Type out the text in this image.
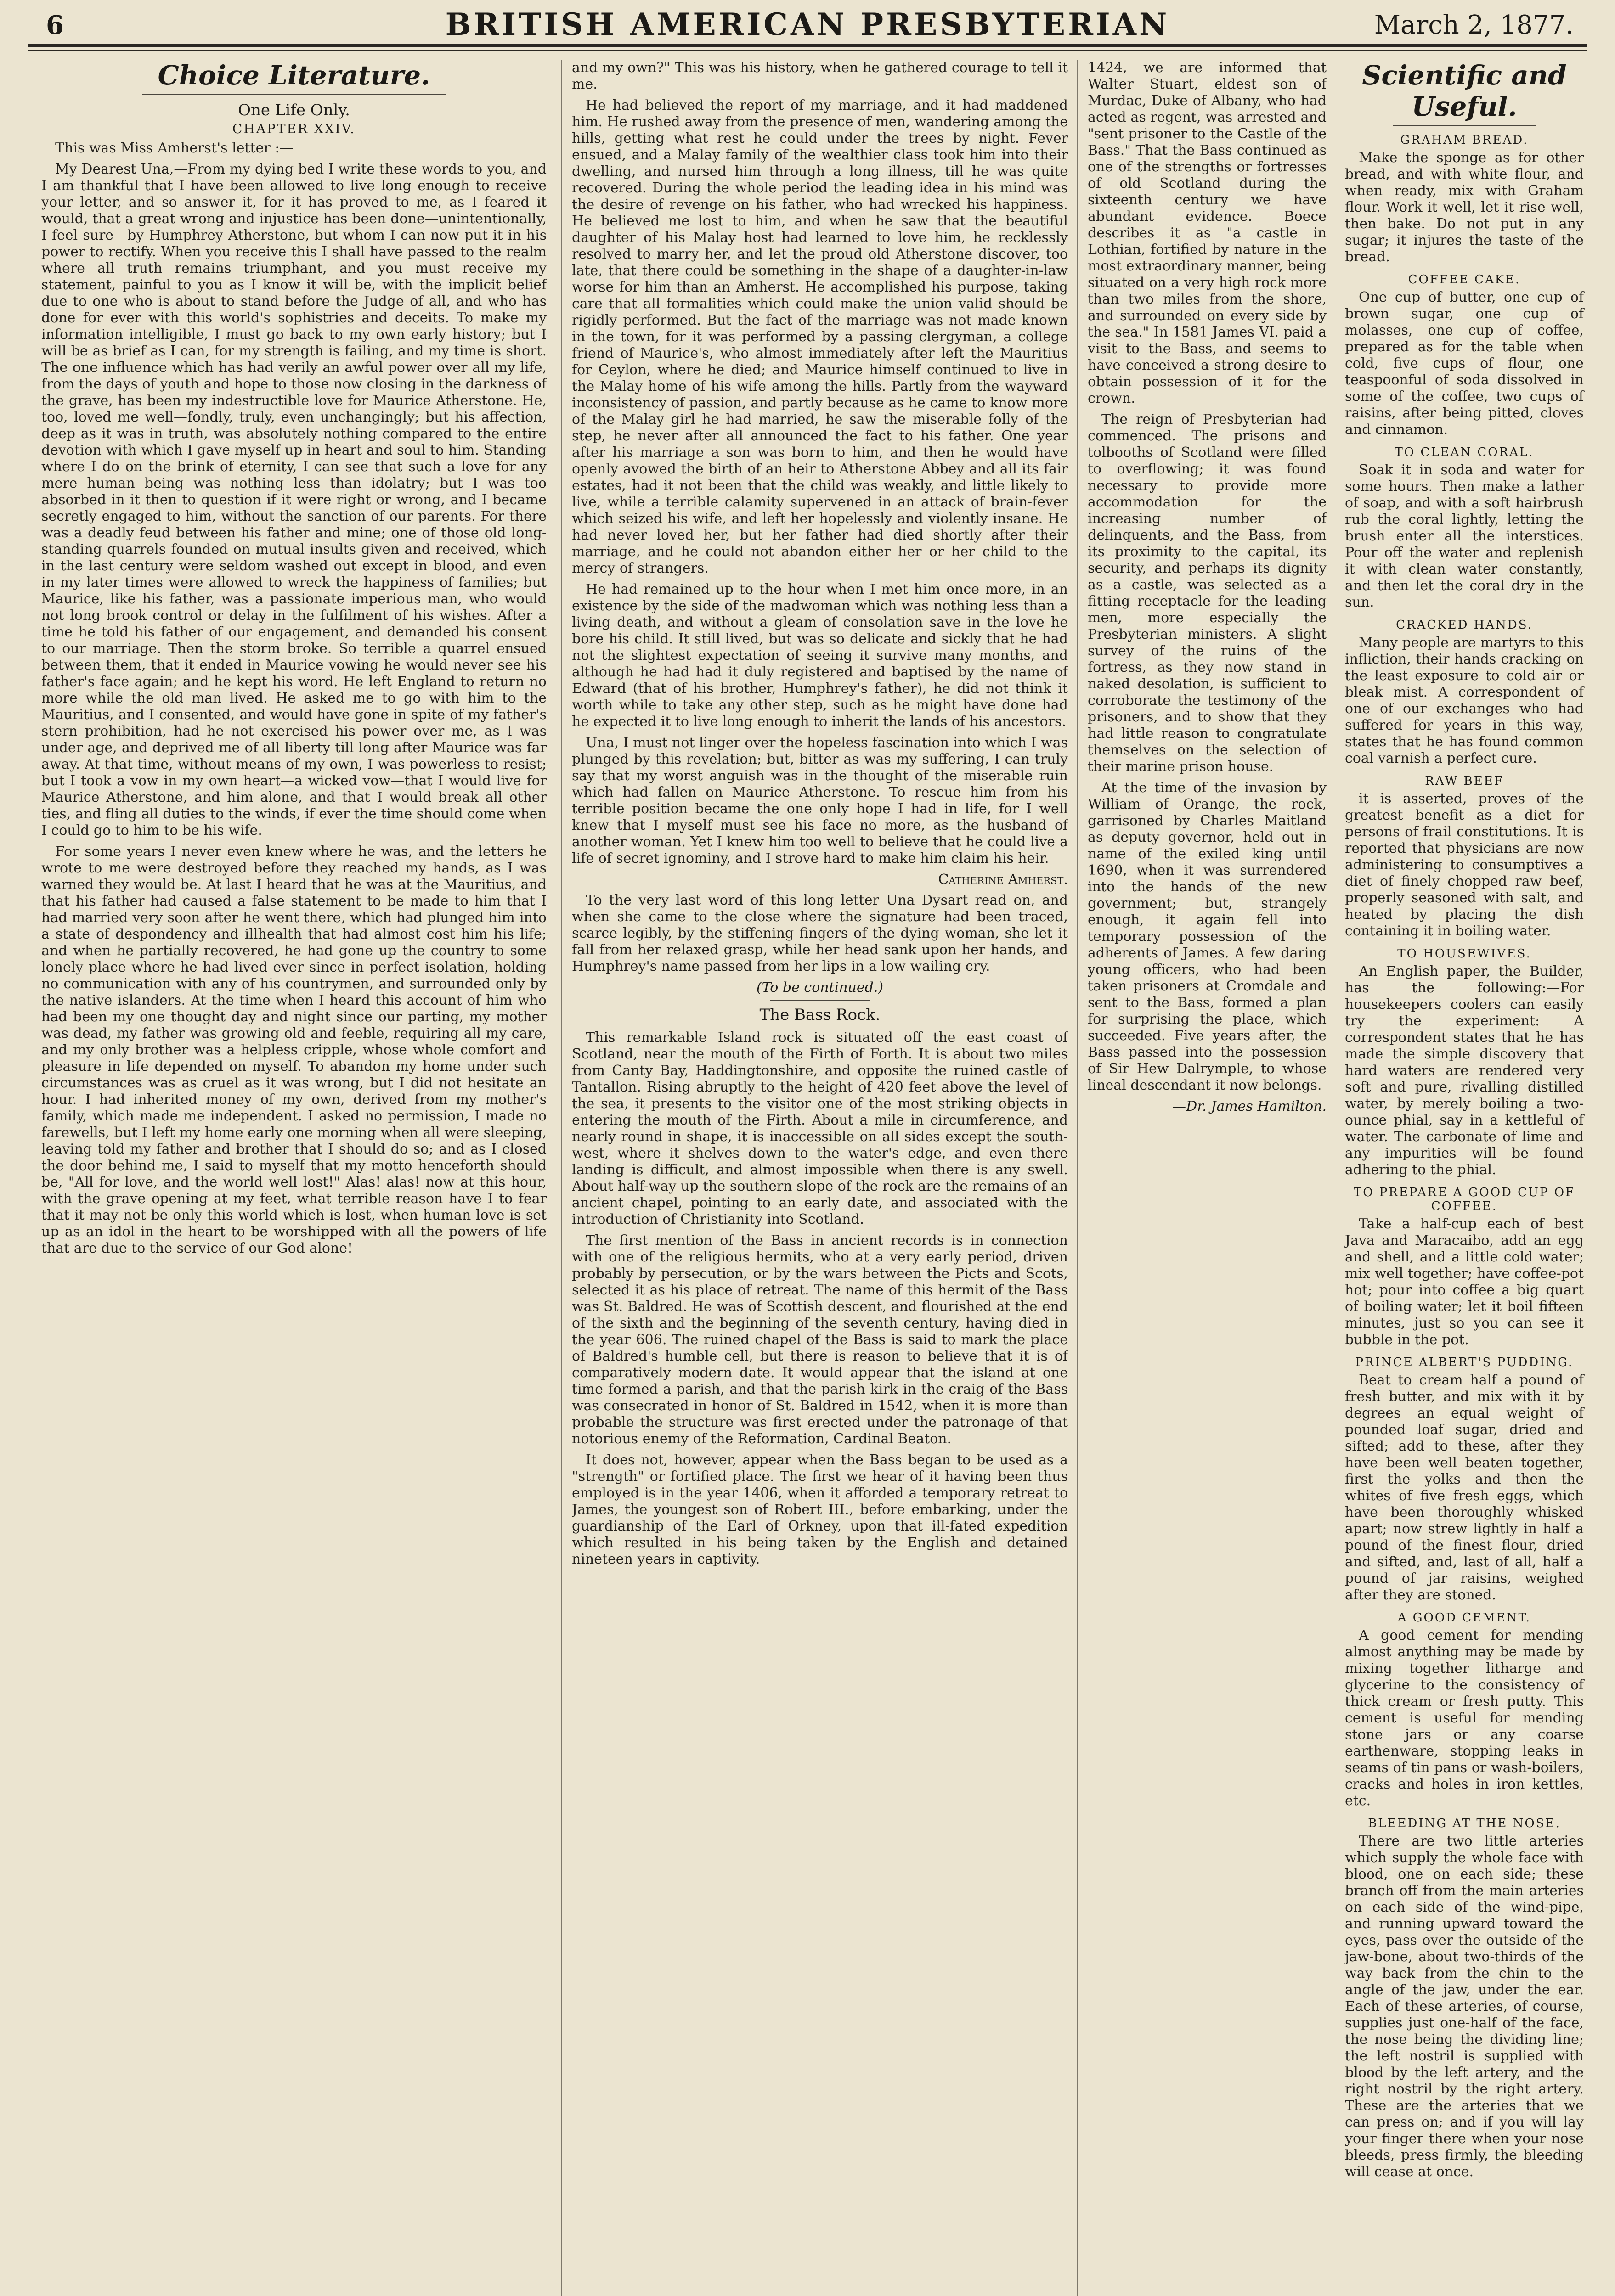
6	BRITISH AMERICAN PRESBYTERIAN	March 2, 1877.
Choice Literature.
One Life Only.
CHAPTER XXIV.

This was Miss Amherst's letter :—

My Dearest Una,—From my dying bed I write these words to you, and I am thankful that I have been allowed to live long enough to receive your letter, and so answer it, for it has proved to me, as I feared it would, that a great wrong and injustice has been done—unintentionally, I feel sure—by Humphrey Atherstone, but whom I can now put it in his power to rectify. When you receive this I shall have passed to the realm where all truth remains triumphant, and you must receive my statement, painful to you as I know it will be, with the implicit belief due to one who is about to stand before the Judge of all, and who has done for ever with this world's sophistries and deceits. To make my information intelligible, I must go back to my own early history; but I will be as brief as I can, for my strength is failing, and my time is short. The one influence which has had verily an awful power over all my life, from the days of youth and hope to those now closing in the darkness of the grave, has been my indestructible love for Maurice Atherstone. He, too, loved me well—fondly, truly, even unchangingly; but his affection, deep as it was in truth, was absolutely nothing compared to the entire devotion with which I gave myself up in heart and soul to him. Standing where I do on the brink of eternity, I can see that such a love for any mere human being was nothing less than idolatry; but I was too absorbed in it then to question if it were right or wrong, and I became secretly engaged to him, without the sanction of our parents. For there was a deadly feud between his father and mine; one of those old long-standing quarrels founded on mutual insults given and received, which in the last century were seldom washed out except in blood, and even in my later times were allowed to wreck the happiness of families; but Maurice, like his father, was a passionate imperious man, who would not long brook control or delay in the fulfilment of his wishes. After a time he told his father of our engagement, and demanded his consent to our marriage. Then the storm broke. So terrible a quarrel ensued between them, that it ended in Maurice vowing he would never see his father's face again; and he kept his word. He left England to return no more while the old man lived. He asked me to go with him to the Mauritius, and I consented, and would have gone in spite of my father's stern prohibition, had he not exercised his power over me, as I was under age, and deprived me of all liberty till long after Maurice was far away. At that time, without means of my own, I was powerless to resist; but I took a vow in my own heart—a wicked vow—that I would live for Maurice Atherstone, and him alone, and that I would break all other ties, and fling all duties to the winds, if ever the time should come when I could go to him to be his wife.

For some years I never even knew where he was, and the letters he wrote to me were destroyed before they reached my hands, as I was warned they would be. At last I heard that he was at the Mauritius, and that his father had caused a false statement to be made to him that I had married very soon after he went there, which had plunged him into a state of despondency and illhealth that had almost cost him his life; and when he partially recovered, he had gone up the country to some lonely place where he had lived ever since in perfect isolation, holding no communication with any of his countrymen, and surrounded only by the native islanders. At the time when I heard this account of him who had been my one thought day and night since our parting, my mother was dead, my father was growing old and feeble, requiring all my care, and my only brother was a helpless cripple, whose whole comfort and pleasure in life depended on myself. To abandon my home under such circumstances was as cruel as it was wrong, but I did not hesitate an hour. I had inherited money of my own, derived from my mother's family, which made me independent. I asked no permission, I made no farewells, but I left my home early one morning when all were sleeping, leaving told my father and brother that I should do so; and as I closed the door behind me, I said to myself that my motto henceforth should be, "All for love, and the world well lost!" Alas! alas! now at this hour, with the grave opening at my feet, what terrible reason have I to fear that it may not be only this world which is lost, when human love is set up as an idol in the heart to be worshipped with all the powers of life that are due to the service of our God alone!

and my own?" This was his history, when he gathered courage to tell it me.

He had believed the report of my marriage, and it had maddened him. He rushed away from the presence of men, wandering among the hills, getting what rest he could under the trees by night. Fever ensued, and a Malay family of the wealthier class took him into their dwelling, and nursed him through a long illness, till he was quite recovered. During the whole period the leading idea in his mind was the desire of revenge on his father, who had wrecked his happiness. He believed me lost to him, and when he saw that the beautiful daughter of his Malay host had learned to love him, he recklessly resolved to marry her, and let the proud old Atherstone discover, too late, that there could be something in the shape of a daughter-in-law worse for him than an Amherst. He accomplished his purpose, taking care that all formalities which could make the union valid should be rigidly performed. But the fact of the marriage was not made known in the town, for it was performed by a passing clergyman, a college friend of Maurice's, who almost immediately after left the Mauritius for Ceylon, where he died; and Maurice himself continued to live in the Malay home of his wife among the hills. Partly from the wayward inconsistency of passion, and partly because as he came to know more of the Malay girl he had married, he saw the miserable folly of the step, he never after all announced the fact to his father. One year after his marriage a son was born to him, and then he would have openly avowed the birth of an heir to Atherstone Abbey and all its fair estates, had it not been that the child was weakly, and little likely to live, while a terrible calamity supervened in an attack of brain-fever which seized his wife, and left her hopelessly and violently insane. He had never loved her, but her father had died shortly after their marriage, and he could not abandon either her or her child to the mercy of strangers.

He had remained up to the hour when I met him once more, in an existence by the side of the madwoman which was nothing less than a living death, and without a gleam of consolation save in the love he bore his child. It still lived, but was so delicate and sickly that he had not the slightest expectation of seeing it survive many months, and although he had had it duly registered and baptised by the name of Edward (that of his brother, Humphrey's father), he did not think it worth while to take any other step, such as he might have done had he expected it to live long enough to inherit the lands of his ancestors.

Una, I must not linger over the hopeless fascination into which I was plunged by this revelation; but, bitter as was my suffering, I can truly say that my worst anguish was in the thought of the miserable ruin which had fallen on Maurice Atherstone. To rescue him from his terrible position became the one only hope I had in life, for I well knew that I myself must see his face no more, as the husband of another woman. Yet I knew him too well to believe that he could live a life of secret ignominy, and I strove hard to make him claim his heir.

Catherine Amherst.

To the very last word of this long letter Una Dysart read on, and when she came to the close where the signature had been traced, scarce legibly, by the stiffening fingers of the dying woman, she let it fall from her relaxed grasp, while her head sank upon her hands, and Humphrey's name passed from her lips in a low wailing cry.

(To be continued.)

The Bass Rock.

This remarkable Island rock is situated off the east coast of Scotland, near the mouth of the Firth of Forth. It is about two miles from Canty Bay, Haddingtonshire, and opposite the ruined castle of Tantallon. Rising abruptly to the height of 420 feet above the level of the sea, it presents to the visitor one of the most striking objects in entering the mouth of the Firth. About a mile in circumference, and nearly round in shape, it is inaccessible on all sides except the south-west, where it shelves down to the water's edge, and even there landing is difficult, and almost impossible when there is any swell. About half-way up the southern slope of the rock are the remains of an ancient chapel, pointing to an early date, and associated with the introduction of Christianity into Scotland.

The first mention of the Bass in ancient records is in connection with one of the religious hermits, who at a very early period, driven probably by persecution, or by the wars between the Picts and Scots, selected it as his place of retreat. The name of this hermit of the Bass was St. Baldred. He was of Scottish descent, and flourished at the end of the sixth and the beginning of the seventh century, having died in the year 606. The ruined chapel of the Bass is said to mark the place of Baldred's humble cell, but there is reason to believe that it is of comparatively modern date. It would appear that the island at one time formed a parish, and that the parish kirk in the craig of the Bass was consecrated in honor of St. Baldred in 1542, when it is more than probable the structure was first erected under the patronage of that notorious enemy of the Reformation, Cardinal Beaton.

It does not, however, appear when the Bass began to be used as a "strength" or fortified place. The first we hear of it having been thus employed is in the year 1406, when it afforded a temporary retreat to James, the youngest son of Robert III., before embarking, under the guardianship of the Earl of Orkney, upon that ill-fated expedition which resulted in his being taken by the English and detained nineteen years in captivity.

1424, we are informed that Walter Stuart, eldest son of Murdac, Duke of Albany, who had acted as regent, was arrested and "sent prisoner to the Castle of the Bass." That the Bass continued as one of the strengths or fortresses of old Scotland during the sixteenth century we have abundant evidence. Boece describes it as "a castle in Lothian, fortified by nature in the most extraordinary manner, being situated on a very high rock more than two miles from the shore, and surrounded on every side by the sea." In 1581 James VI. paid a visit to the Bass, and seems to have conceived a strong desire to obtain possession of it for the crown.

The reign of Presbyterian had commenced. The prisons and tolbooths of Scotland were filled to overflowing; it was found necessary to provide more accommodation for the increasing number of delinquents, and the Bass, from its proximity to the capital, its security, and perhaps its dignity as a castle, was selected as a fitting receptacle for the leading men, more especially the Presbyterian ministers. A slight survey of the ruins of the fortress, as they now stand in naked desolation, is sufficient to corroborate the testimony of the prisoners, and to show that they had little reason to congratulate themselves on the selection of their marine prison house.

At the time of the invasion by William of Orange, the rock, garrisoned by Charles Maitland as deputy governor, held out in name of the exiled king until 1690, when it was surrendered into the hands of the new government; but, strangely enough, it again fell into temporary possession of the adherents of James. A few daring young officers, who had been taken prisoners at Cromdale and sent to the Bass, formed a plan for surprising the place, which succeeded. Five years after, the Bass passed into the possession of Sir Hew Dalrymple, to whose lineal descendant it now belongs.

—Dr. James Hamilton.

Scientific and Useful.
GRAHAM BREAD.

Make the sponge as for other bread, and with white flour, and when ready, mix with Graham flour. Work it well, let it rise well, then bake. Do not put in any sugar; it injures the taste of the bread.

COFFEE CAKE.

One cup of butter, one cup of brown sugar, one cup of molasses, one cup of coffee, prepared as for the table when cold, five cups of flour, one teaspoonful of soda dissolved in some of the coffee, two cups of raisins, after being pitted, cloves and cinnamon.

TO CLEAN CORAL.

Soak it in soda and water for some hours. Then make a lather of soap, and with a soft hairbrush rub the coral lightly, letting the brush enter all the interstices. Pour off the water and replenish it with clean water constantly, and then let the coral dry in the sun.

CRACKED HANDS.

Many people are martyrs to this infliction, their hands cracking on the least exposure to cold air or bleak mist. A correspondent of one of our exchanges who had suffered for years in this way, states that he has found common coal varnish a perfect cure.

RAW BEEF

it is asserted, proves of the greatest benefit as a diet for persons of frail constitutions. It is reported that physicians are now administering to consumptives a diet of finely chopped raw beef, properly seasoned with salt, and heated by placing the dish containing it in boiling water.

TO HOUSEWIVES.

An English paper, the Builder, has the following:—For housekeepers coolers can easily try the experiment: A correspondent states that he has made the simple discovery that hard waters are rendered very soft and pure, rivalling distilled water, by merely boiling a two-ounce phial, say in a kettleful of water. The carbonate of lime and any impurities will be found adhering to the phial.

TO PREPARE A GOOD CUP OF COFFEE.

Take a half-cup each of best Java and Maracaibo, add an egg and shell, and a little cold water; mix well together; have coffee-pot hot; pour into coffee a big quart of boiling water; let it boil fifteen minutes, just so you can see it bubble in the pot.

PRINCE ALBERT'S PUDDING.

Beat to cream half a pound of fresh butter, and mix with it by degrees an equal weight of pounded loaf sugar, dried and sifted; add to these, after they have been well beaten together, first the yolks and then the whites of five fresh eggs, which have been thoroughly whisked apart; now strew lightly in half a pound of the finest flour, dried and sifted, and, last of all, half a pound of jar raisins, weighed after they are stoned.

A GOOD CEMENT.

A good cement for mending almost anything may be made by mixing together litharge and glycerine to the consistency of thick cream or fresh putty. This cement is useful for mending stone jars or any coarse earthenware, stopping leaks in seams of tin pans or wash-boilers, cracks and holes in iron kettles, etc.

BLEEDING AT THE NOSE.

There are two little arteries which supply the whole face with blood, one on each side; these branch off from the main arteries on each side of the wind-pipe, and running upward toward the eyes, pass over the outside of the jaw-bone, about two-thirds of the way back from the chin to the angle of the jaw, under the ear. Each of these arteries, of course, supplies just one-half of the face, the nose being the dividing line; the left nostril is supplied with blood by the left artery, and the right nostril by the right artery. These are the arteries that we can press on; and if you will lay your finger there when your nose bleeds, press firmly, the bleeding will cease at once.
